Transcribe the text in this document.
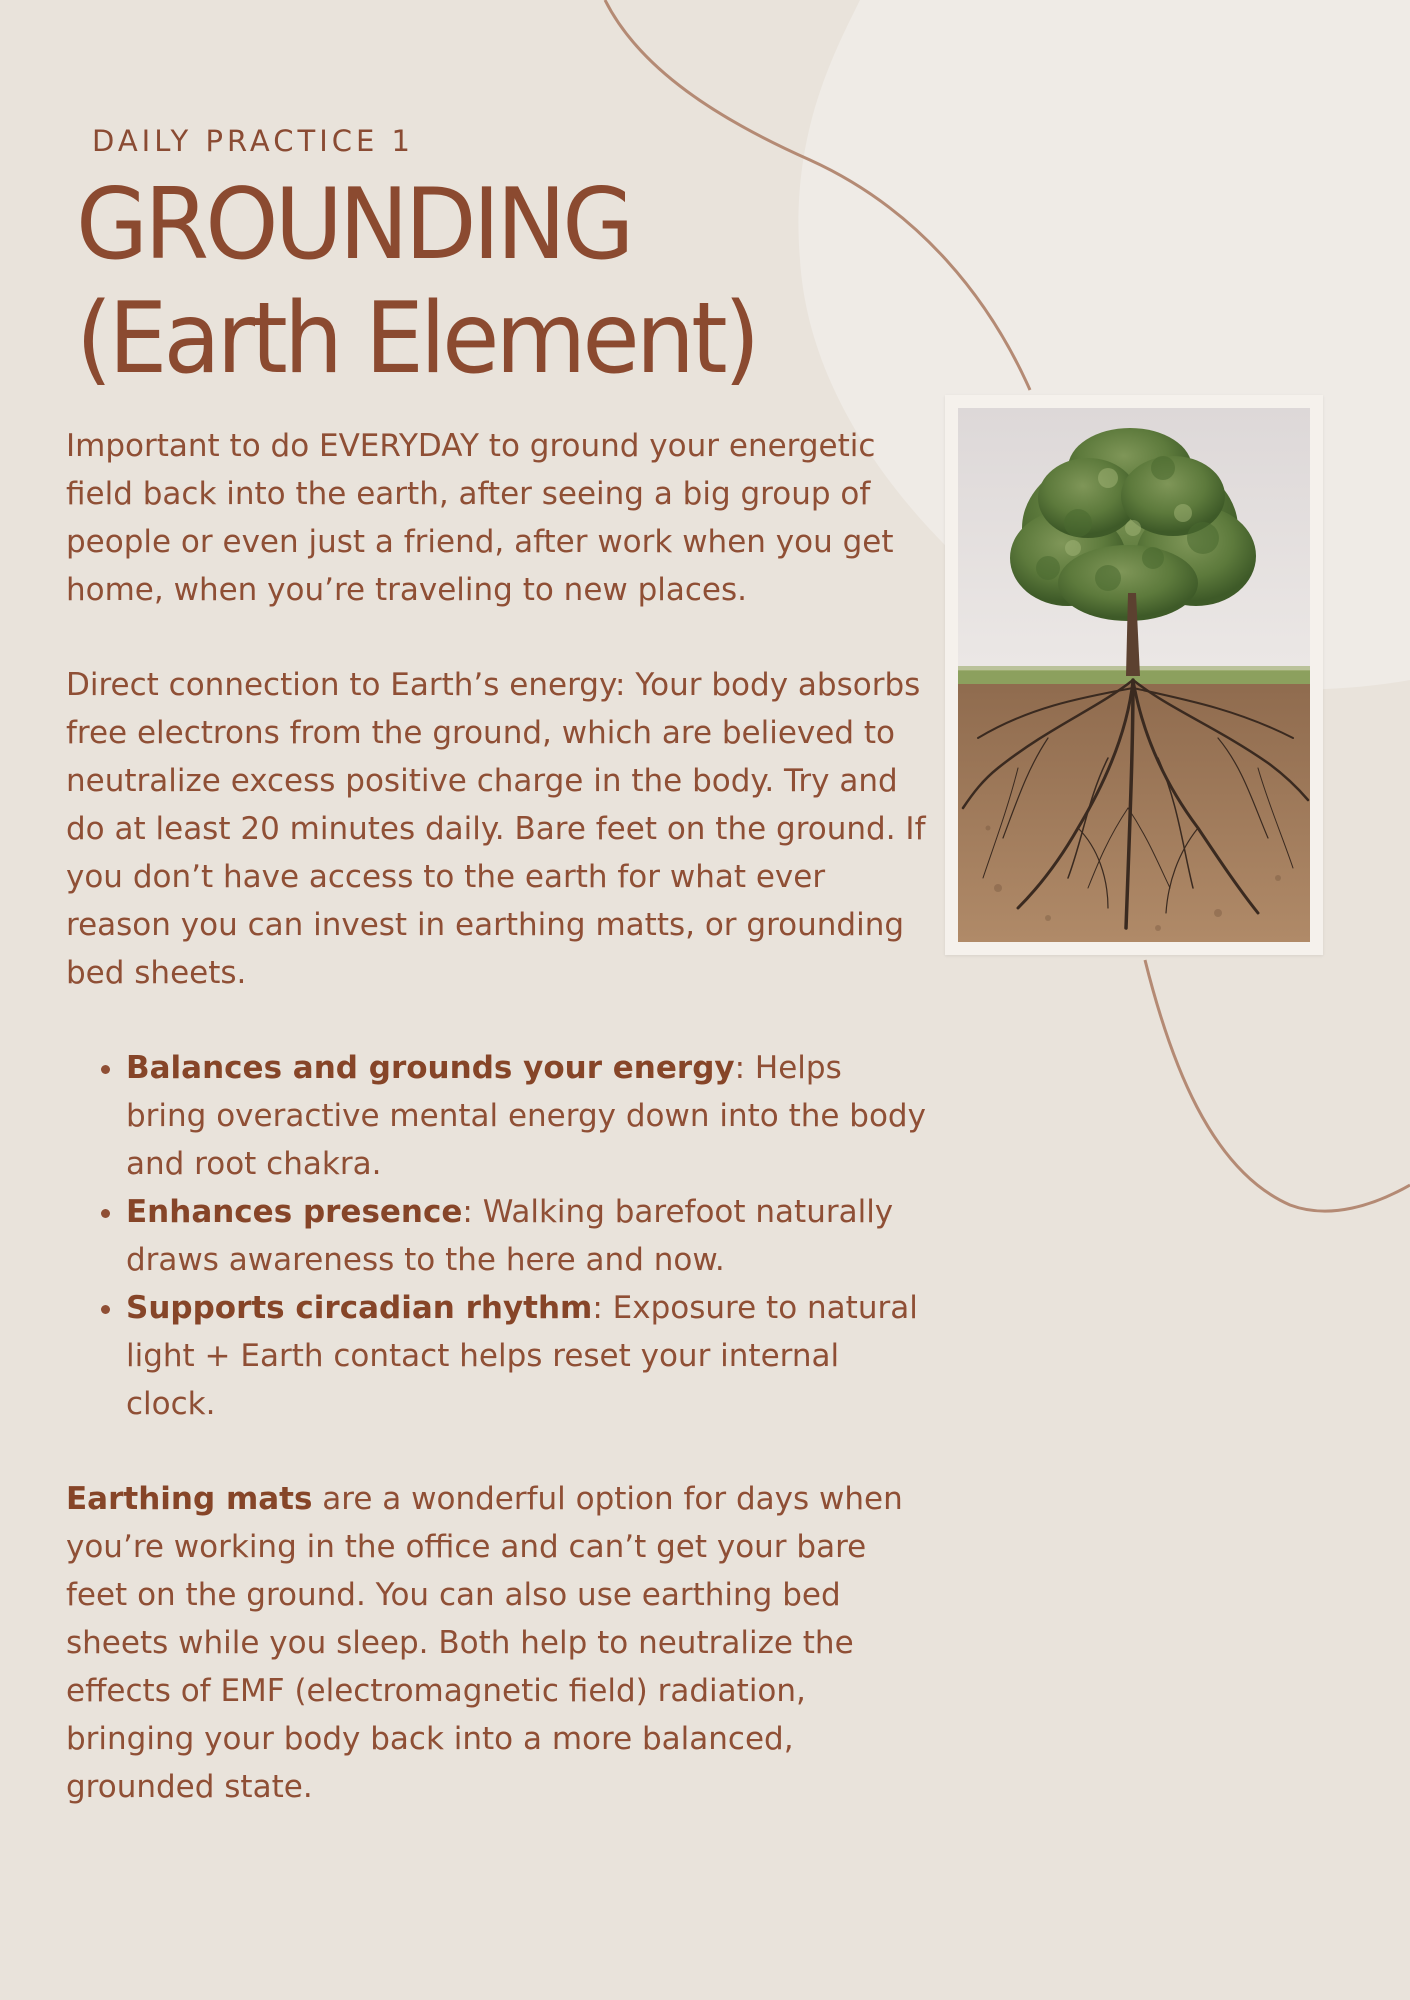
DAILY PRACTICE 1
GROUNDING
(Earth Element)

Important to do EVERYDAY to ground your energetic field back into the earth, after seeing a big group of people or even just a friend, after work when you get home, when you’re traveling to new places.

Direct connection to Earth’s energy: Your body absorbs free electrons from the ground, which are believed to neutralize excess positive charge in the body. Try and do at least 20 minutes daily. Bare feet on the ground. If you don’t have access to the earth for what ever reason you can invest in earthing matts, or grounding bed sheets.

• Balances and grounds your energy: Helps bring overactive mental energy down into the body and root chakra.
• Enhances presence: Walking barefoot naturally draws awareness to the here and now.
• Supports circadian rhythm: Exposure to natural light + Earth contact helps reset your internal clock.

Earthing mats are a wonderful option for days when you’re working in the office and can’t get your bare feet on the ground. You can also use earthing bed sheets while you sleep. Both help to neutralize the effects of EMF (electromagnetic field) radiation, bringing your body back into a more balanced, grounded state.
